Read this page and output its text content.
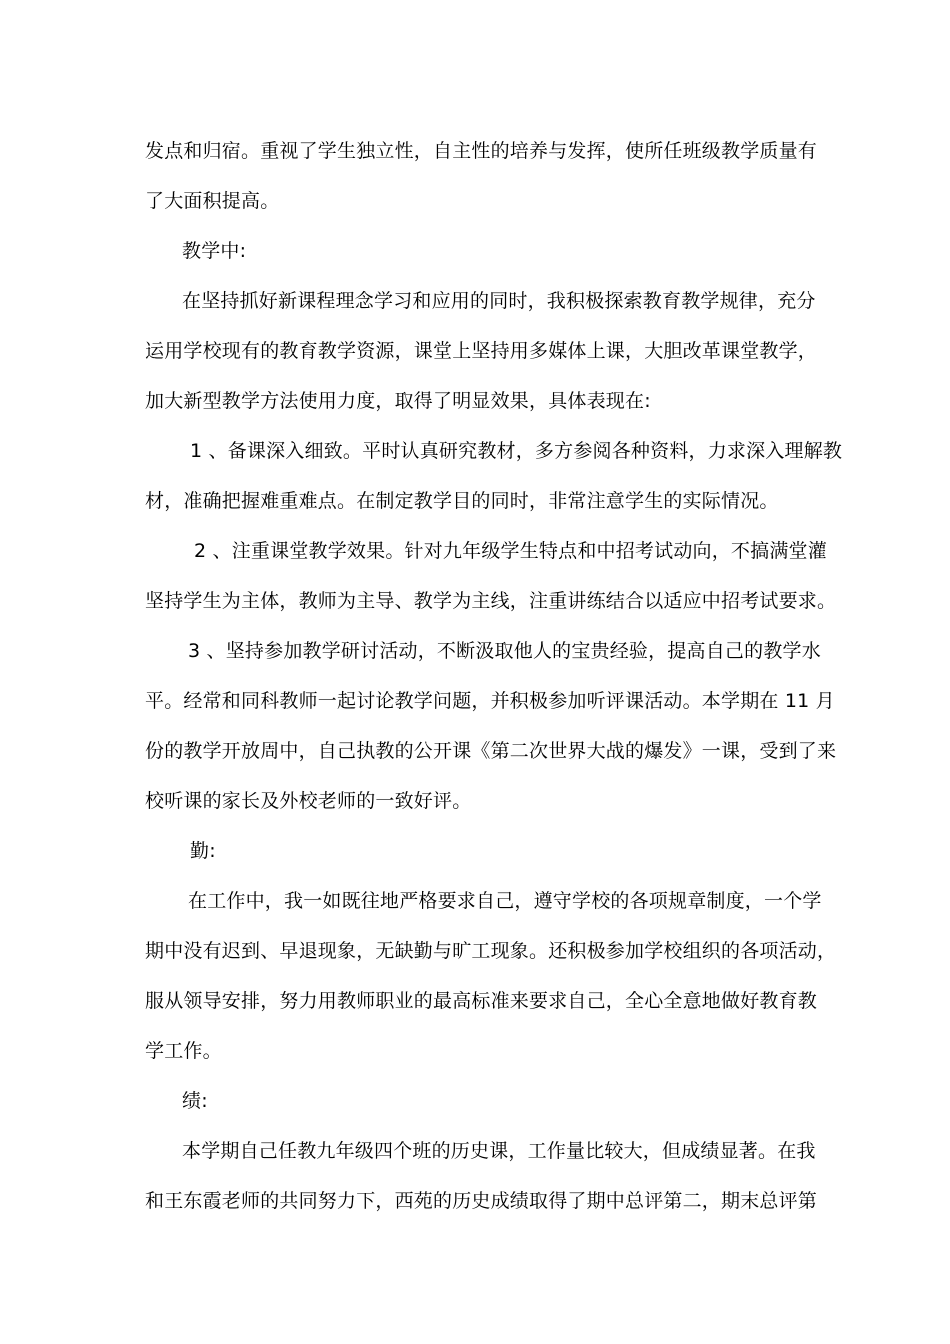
发点和归宿。重视了学生独立性，自主性的培养与发挥，使所任班级教学质量有
了大面积提高。
教学中:
在坚持抓好新课程理念学习和应用的同时，我积极探索教育教学规律，充分
运用学校现有的教育教学资源，课堂上坚持用多媒体上课，大胆改革课堂教学，
加大新型教学方法使用力度，取得了明显效果，具体表现在:
1 、备课深入细致。平时认真研究教材，多方参阅各种资料，力求深入理解教
材，准确把握难重难点。在制定教学目的同时，非常注意学生的实际情况。
2 、注重课堂教学效果。针对九年级学生特点和中招考试动向，不搞满堂灌
坚持学生为主体，教师为主导、教学为主线，注重讲练结合以适应中招考试要求。
3 、坚持参加教学研讨活动，不断汲取他人的宝贵经验，提高自己的教学水
平。经常和同科教师一起讨论教学问题，并积极参加听评课活动。本学期在 11 月
份的教学开放周中，自己执教的公开课《第二次世界大战的爆发》一课，受到了来
校听课的家长及外校老师的一致好评。
勤:
在工作中，我一如既往地严格要求自己，遵守学校的各项规章制度，一个学
期中没有迟到、早退现象，无缺勤与旷工现象。还积极参加学校组织的各项活动，
服从领导安排，努力用教师职业的最高标准来要求自己，全心全意地做好教育教
学工作。
绩:
本学期自己任教九年级四个班的历史课，工作量比较大，但成绩显著。在我
和王东霞老师的共同努力下，西苑的历史成绩取得了期中总评第二，期末总评第
